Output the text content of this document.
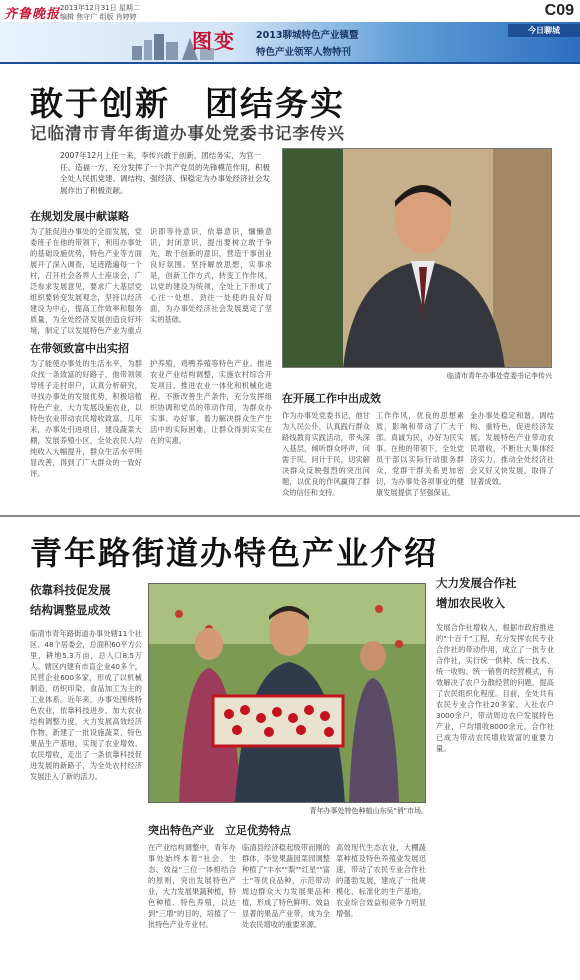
齐鲁晚报 2013年12月31日 星期二
编辑 焦守广 组版 肖婷婷	C09
图变 2013聊城特色产业镇暨
特色产业领军人物特刊
今日聊城
敢于创新　团结务实
记临清市青年街道办事处党委书记李传兴
2007年12月上任一来，李传兴敢于创新、团结务实，为官一任、造福一方，充分发挥了一个共产党员的先锋模范作用，积极全处人民抓党建、调结构、强经济、保稳定为办事处经济社会发展作出了积极贡献。
临清市青年办事处党委书记李传兴
在规划发展中献谋略
为了能促进办事处的全面发展，党委班子在他的带领下，利用办事处的基础设施优势，特色产业等方面展开了深入调查，足迹踏遍每一个村，召开社会各界人士座谈会，广泛参求发展意见，要求广大基层党组织要转变发展观念，坚持以经济建设为中心，提高工作效率和服务质量，为全处经济发展创造良好环境，制定了以发展特色产业为重点
识即等待意识，依靠意识，慵懒意识，封闭意识，提出要树立敢于争先，敢于创新的意识，营造干事创业良好氛围。坚持解放思想，实事求是，创新工作方式，转变工作作风，以党的建设为统领，全处上下形成了心往一处想、劲往一处使的良好局面，为办事处经济社会发展奠定了坚实的基础。
在带领致富中出实招
为了能使办事处的生活水平，为群众找一条致富的好路子，他带领领导班子走村串户，认真分析研究，寻找办事处的发展优势，积极培植特色产业，大力发展设施农业，以特色农业带动农民增收致富，几年来，办事处引进项目，建设蔬菜大棚，发展养殖小区，全处农民人均纯收入大幅提升，群众生活水平明显改善，得到了广大群众的一致好评。
护养殖，鸡鸭养殖等特色产业。推进农业产业结构调整，实施农村综合开发项目，推进农业一体化和机械化进程。不断改善生产条件，充分发挥组织协调和党员的带动作用，为群众办实事、办好事，着力解决群众生产生活中的实际困难，让群众得到实实在在的实惠。
在开展工作中出成效
作为办事处党委书记，他甘为人民公仆，认真践行群众路线教育实践活动，带头深入基层，倾听群众呼声，问需于民、问计于民，切实解决群众反映强烈的突出问题，以优良的作风赢得了群众的信任和支持。
工作作风，优良的思想素质，影响和带动了广大干部。真诚为民，办好为民实事。在他的带领下，全处党员干部以实际行动服务群众，党群干群关系更加密切，为办事处各项事业的健康发展提供了坚强保证。
金办事处稳定和谐。调结构、重特色，促进经济发展。发展特色产业带动农民增收，不断壮大集体经济实力，推动全处经济社会又好又快发展，取得了显著成效。
青年路街道办特色产业介绍
依靠科技促发展
结构调整显成效
临清市青年路街道办事处辖11个社区、48个居委会，总面积60平方公里，耕地5.3万亩，总人口8.5万人。辖区内建有市直企业40多个，民营企业600多家，形成了以机械制造、纺织印染、食品加工为主的工业体系。近年来，办事处围绕特色农业，依靠科技进步，加大农业结构调整力度，大力发展高效经济作物，新建了一批设施蔬菜、特色果品生产基地，实现了农业增效、农民增收，走出了一条依靠科技促进发展的新路子，为全处农村经济发展注入了新的活力。
青年办事处特色种植山东吴"俏"市场。
突出特色产业　立足优势特点
在产业结构调整中，青年办事处始终本着"社会、生态、效益"三位一体相结合的原则，突出发展特色产业，大力发展果蔬种植，特色种植、特色养殖，以达到"三增"的目的，培植了一批特色产业专业村。
临清县经济稳起级带而刚的群体，李堂果蔬园菜园调整种植了"丰水""梨""红星""富士"等优良品种，示范带动周边群众大力发展果品种植，形成了特色鲜明、效益显著的果品产业带，成为全处农民增收的重要来源。
高效现代生态农业，大棚蔬菜种植及特色养殖业发展迅速，带动了农民专业合作社的蓬勃发展，建成了一批规模化、标准化的生产基地，农业综合效益和竞争力明显增强。
大力发展合作社
增加农民收入
发展合作社增收入，根据市政府推进的"十百千"工程，充分发挥农民专业合作社的带动作用，成立了一批专业合作社，实行统一供种、统一技术、统一收购、统一销售的经营模式，有效解决了农户分散经营的问题，提高了农民组织化程度。目前，全处共有农民专业合作社20多家，入社农户3000余户，带动周边农户发展特色产业，户均增收8000余元，合作社已成为带动农民增收致富的重要力量。
